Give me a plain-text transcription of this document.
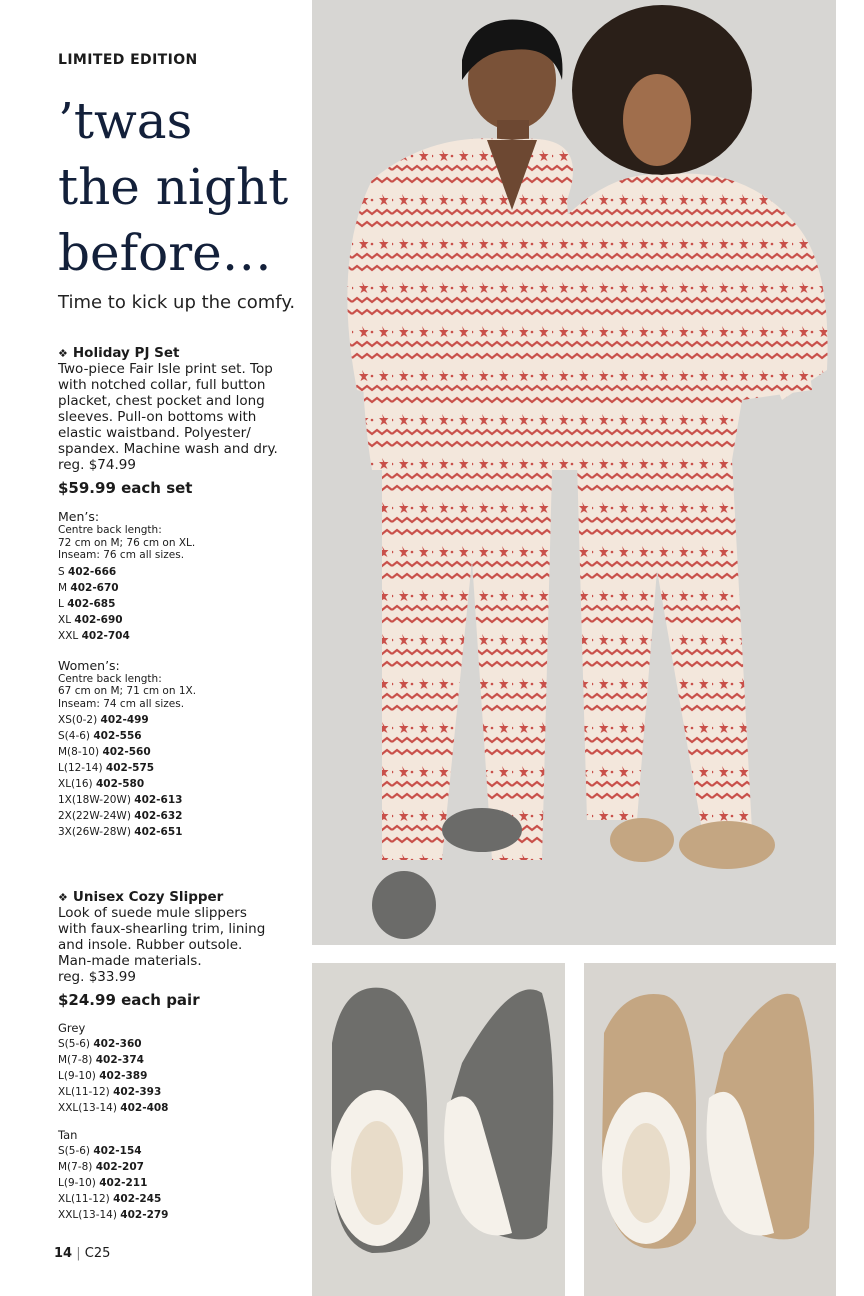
LIMITED EDITION
’twas
the night
before…
Time to kick up the comfy.
❖ Holiday PJ Set
Two-piece Fair Isle print set. Top
with notched collar, full button
placket, chest pocket and long
sleeves. Pull-on bottoms with
elastic waistband. Polyester/
spandex. Machine wash and dry.
reg. $74.99
$59.99 each set
Men’s:
Centre back length:
72 cm on M; 76 cm on XL.
Inseam: 76 cm all sizes.
S 402-666
M 402-670
L 402-685
XL 402-690
XXL 402-704
Women’s:
Centre back length:
67 cm on M; 71 cm on 1X.
Inseam: 74 cm all sizes.
XS(0-2) 402-499
S(4-6) 402-556
M(8-10) 402-560
L(12-14) 402-575
XL(16) 402-580
1X(18W-20W) 402-613
2X(22W-24W) 402-632
3X(26W-28W) 402-651
❖ Unisex Cozy Slipper
Look of suede mule slippers
with faux-shearling trim, lining
and insole. Rubber outsole.
Man-made materials.
reg. $33.99
$24.99 each pair
Grey
S(5-6) 402-360
M(7-8) 402-374
L(9-10) 402-389
XL(11-12) 402-393
XXL(13-14) 402-408
Tan
S(5-6) 402-154
M(7-8) 402-207
L(9-10) 402-211
XL(11-12) 402-245
XXL(13-14) 402-279
14 | C25
